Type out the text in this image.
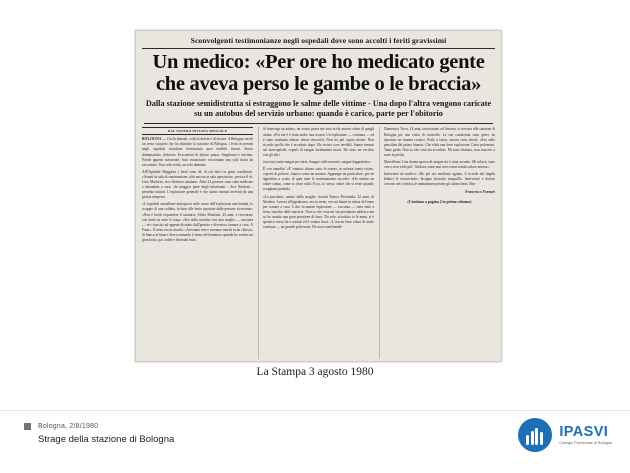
Sconvolgenti testimonianze negli ospedali dove sono accolti i feriti gravissimi
Un medico: «Per ore ho medicato gente
che aveva perso le gambe o le braccia»
Dalla stazione semidistrutta si estraggono le salme delle vittime - Una dopo l'altra vengono caricate su un autobus del servizio urbano: quando è carico, parte per l'obitorio
DAL NOSTRO INVIATO SPECIALE

BOLOGNA — Occhi sbarrati, volti di dolore e di terrore. A Bologna cerchi un terzo sciopero che ha distrutto la stazione di Bologna, i feriti ricoverati negli ospedali ricordano terrorizzato quei terribili istanti. Storie drammatiche, dolorose. Evocazioni di dolore, paura. Singhiozzi e lacrime. Parole appena sussurrate, frasi smozzicate: raccontano una sola storia da raccontare. Una sola verità, un solo dramma.

All'Ospedale Maggiore i feriti sono 44, di cui dieci in gravi condizioni. «Avanti in sala di rianimazione, altri ancora in sala operatoria», precisa il dr. Lino Marfioni, vice direttore sanitario. Altre 22 persone sono state medicate e rimandate a casa. «In maggior parte degli infortunati – dice Nardoni – presenta ustioni. L'esplosione generale è che siamo rimasti investiti da una grossa tempesta.

«L'ospedale sanzalbare anticipossi sulle cause dell'esplosione una bomba, lo scoppio di una caldaia, in base alle ferite riportate dalle persone ricoverate» «Non è facile rispondere il sanitario. Silvio Monfarti, 43 anni, è ricoverato con ferite su tutto il corpo. «Ero nella stazione con mia moglie — racconta — ero riuscito ad appena distratto dall'gemito e diversivo tornare a casa. A Fano». Il treno era in ritardo: «Avevamo sete e stavamo entrati in un chiosco, di fianco al binari. Stava entrando il treno nel benzitore quando ho sentito un gran botto, poi cadde e diventati buio.

Si interroga un attimo, un vostro passa nei suoi occhi ancora colmi di quegli attimi: «Poi me è è stata anche una scossa. Un esplosione — continua — ed è stato sostituita adesso ritirai retrocesii. Non ho più capito niente. Non ricordo quello che è accaduto dopo. Ho rivisto cose terribili. Siamo rimasti sul marciapiede, coperti di sangue lordamento morti. Ho visto un vecchio con gli altri

tracciati, tanto sangue per terra. Sangue sulle macerie, sangue dappertutto».

È con inaudito' «E' rimasto chiuso sotto le rovine, in un'area trenta vicino, coperti di polvere, bianco come un marmo. Apprange un particolare, poi ne approfitta a scatto di quei tutte le testimonianze raccolte: «Ho sentito un odore strano, come si fosse solfa. Ecco, lo stesso odore che si sente quando scoppiano petardi».

«La proclami, sentito dalla moglie, ricorda Franco Peritonda, 32 anni, di Modena. Lavora all'ippodromo, era in treno, era sui binari in attesa del treno per tornare a casa. L'«ho vicinanze esplosione — racconta — sono tutto a terra, travolto dalle macerie. Non so che cosa mi sia precipitato addosso ma so ho sentito una gran pressione di ferro. Da solo, scivolato io le mani, si è sportivo verso lui e ustioni ed è venuto fuori. «L'ora un forte odore di acido continua — un grande polverone. Ho visto tanti bambi-

Domenico Triva, 24 anni, terrorizzato ad Ancona, si trovava alla stazione di Bologna per una visita di controllo. Le sue condizioni sono gravi, ha riportato un trauma cranico. Parla a fatica, ancora sotto shock: «Ero sulla pensilina del primo binario. Che sfida una forte esplosione. Certo polveroni. Tante grida. Non so che cosa sia accaduto. Mi sono sbattuto, non riuscivo a stare in piedi».

Marcellano. Una donna sporca di sangue mi è stata accanto. Mi urlava, sono cieco, non vedo più'. Gridava come non avevo mai sentito urlare ancora».

Interviene un medico: «Ho per ore medicato agitato, il ricordo dei tingibi bilanci le terroristiche, bisogna lasciarla tranquillo. Interveniri e dottori corrono nei corridoi, le ambulanze portano gli ultimi feriti. Bra-

Francesco Fornari
(Continua a pagina 2 in prima colonna)
La Stampa 3 agosto 1980
Bologna, 2/8/1980
Strage della stazione di Bologna	IPASVI
Collegio Provinciale di Bologna
